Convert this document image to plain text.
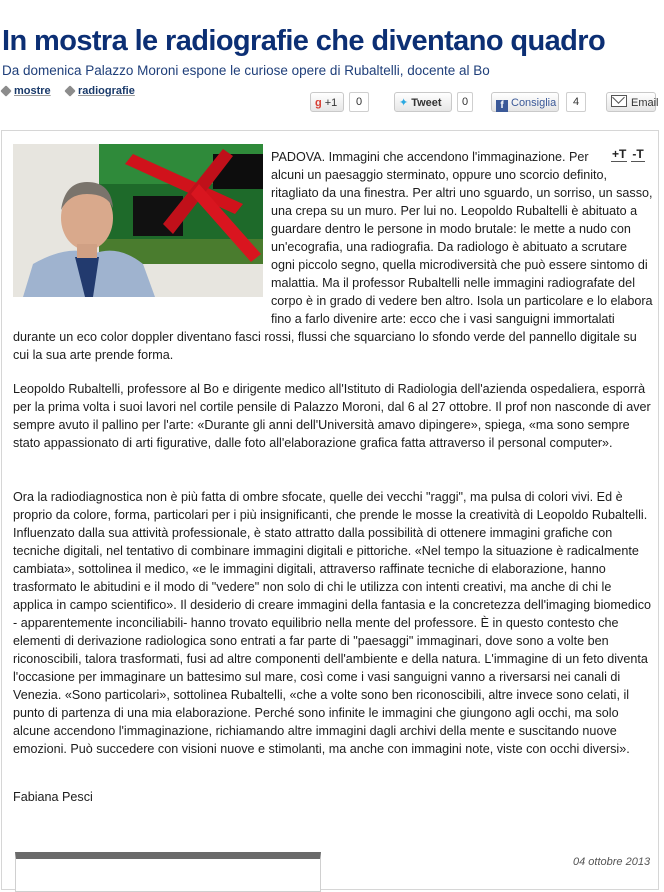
In mostra le radiografie che diventano quadro

Da domenica Palazzo Moroni espone le curiose opere di Rubaltelli, docente al Bo

mostre	radiografie
g +1	0	✦ Tweet	0	f Consiglia	4	Email
+T -T

PADOVA. Immagini che accendono l'immaginazione. Per alcuni un paesaggio sterminato, oppure uno scorcio definito, ritagliato da una finestra. Per altri uno sguardo, un sorriso, un sasso, una crepa su un muro. Per lui no. Leopoldo Rubaltelli è abituato a guardare dentro le persone in modo brutale: le mette a nudo con un'ecografia, una radiografia. Da radiologo è abituato a scrutare ogni piccolo segno, quella microdiversità che può essere sintomo di malattia. Ma il professor Rubaltelli nelle immagini radiografate del corpo è in grado di vedere ben altro. Isola un particolare e lo elabora fino a farlo divenire arte: ecco che i vasi sanguigni immortalati durante un eco color doppler diventano fasci rossi, flussi che squarciano lo sfondo verde del pannello digitale su cui la sua arte prende forma.

Leopoldo Rubaltelli, professore al Bo e dirigente medico all'Istituto di Radiologia dell'azienda ospedaliera, esporrà per la prima volta i suoi lavori nel cortile pensile di Palazzo Moroni, dal 6 al 27 ottobre. Il prof non nasconde di aver sempre avuto il pallino per l'arte: «Durante gli anni dell'Università amavo dipingere», spiega, «ma sono sempre stato appassionato di arti figurative, dalle foto all'elaborazione grafica fatta attraverso il personal computer».

Ora la radiodiagnostica non è più fatta di ombre sfocate, quelle dei vecchi "raggi", ma pulsa di colori vivi. Ed è proprio da colore, forma, particolari per i più insignificanti, che prende le mosse la creatività di Leopoldo Rubaltelli. Influenzato dalla sua attività professionale, è stato attratto dalla possibilità di ottenere immagini grafiche con tecniche digitali, nel tentativo di combinare immagini digitali e pittoriche. «Nel tempo la situazione è radicalmente cambiata», sottolinea il medico, «e le immagini digitali, attraverso raffinate tecniche di elaborazione, hanno trasformato le abitudini e il modo di "vedere" non solo di chi le utilizza con intenti creativi, ma anche di chi le applica in campo scientifico». Il desiderio di creare immagini della fantasia e la concretezza dell'imaging biomedico - apparentemente inconciliabili- hanno trovato equilibrio nella mente del professore. È in questo contesto che elementi di derivazione radiologica sono entrati a far parte di "paesaggi" immaginari, dove sono a volte ben riconoscibili, talora trasformati, fusi ad altre componenti dell'ambiente e della natura. L'immagine di un feto diventa l'occasione per immaginare un battesimo sul mare, così come i vasi sanguigni vanno a riversarsi nei canali di Venezia. «Sono particolari», sottolinea Rubaltelli, «che a volte sono ben riconoscibili, altre invece sono celati, il punto di partenza di una mia elaborazione. Perché sono infinite le immagini che giungono agli occhi, ma solo alcune accendono l'immaginazione, richiamando altre immagini dagli archivi della mente e suscitando nuove emozioni. Può succedere con visioni nuove e stimolanti, ma anche con immagini note, viste con occhi diversi».

Fabiana Pesci
04 ottobre 2013
